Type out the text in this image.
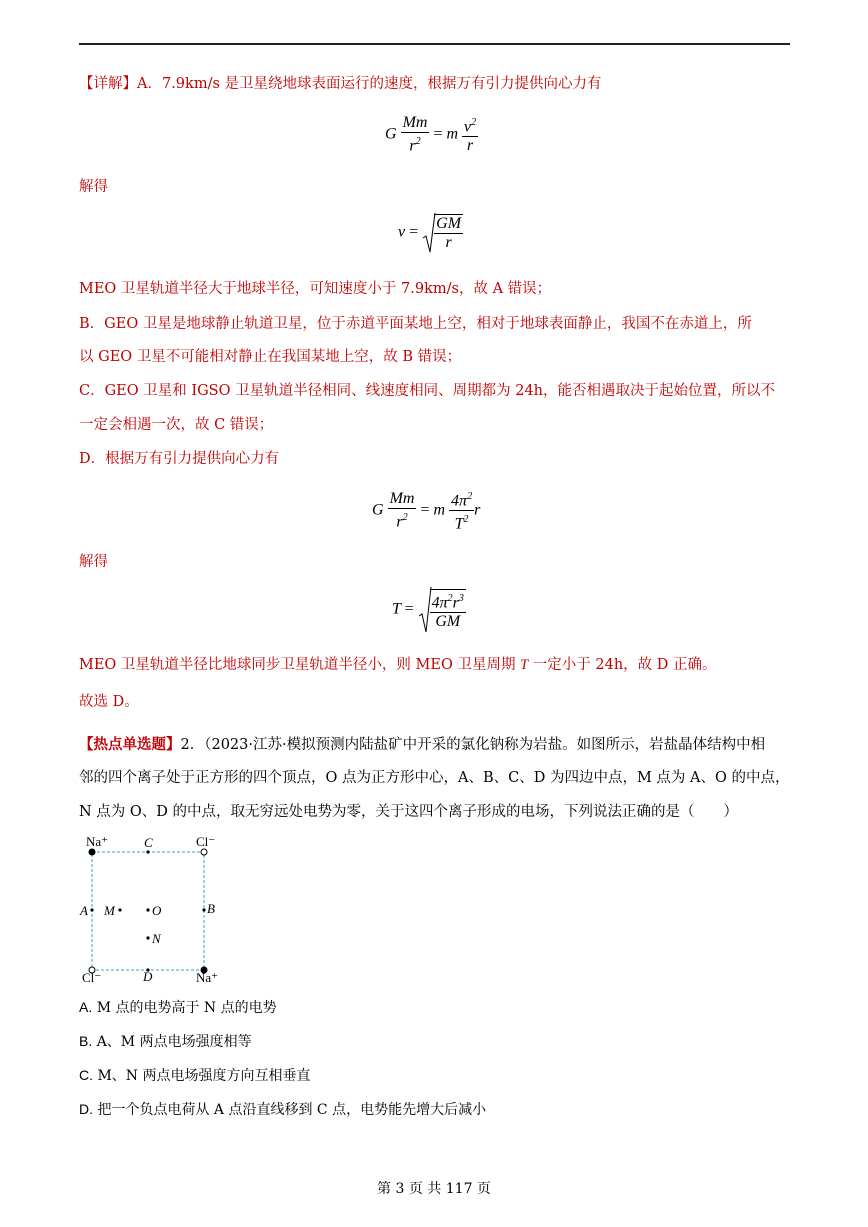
【详解】A．7.9km/s 是卫星绕地球表面运行的速度，根据万有引力提供向心力有
G $\frac{Mm}{r^2} = m \frac{v^2}{r}$
解得
$v = \frac{GM}{r}$
MEO 卫星轨道半径大于地球半径，可知速度小于 7.9km/s，故 A 错误；
B．GEO 卫星是地球静止轨道卫星，位于赤道平面某地上空，相对于地球表面静止，我国不在赤道上，所
以 GEO 卫星不可能相对静止在我国某地上空，故 B 错误；
C．GEO 卫星和 IGSO 卫星轨道半径相同、线速度相同、周期都为 24h，能否相遇取决于起始位置，所以不
一定会相遇一次，故 C 错误；
D．根据万有引力提供向心力有
G $\frac{Mm}{r^2} = m \frac{4\pi^2}{T^2}$ r
解得
$T = \frac{4\pi^2r^3}{GM}$
MEO 卫星轨道半径比地球同步卫星轨道半径小，则 MEO 卫星周期 T 一定小于 24h，故 D 正确。
故选 D。
【热点单选题】2．（2023·江苏·模拟预测内陆盐矿中开采的氯化钠称为岩盐。如图所示，岩盐晶体结构中相
邻的四个离子处于正方形的四个顶点，O 点为正方形中心，A、B、C、D 为四边中点，M 点为 A、O 的中点，
N 点为 O、D 的中点，取无穷远处电势为零，关于这四个离子形成的电场，下列说法正确的是（　　）
Na⁺	Cl⁻
Cl⁻	Na⁺
C
A M	O	B
N
D
A. M 点的电势高于 N 点的电势
B. A、M 两点电场强度相等
C. M、N 两点电场强度方向互相垂直
D. 把一个负点电荷从 A 点沿直线移到 C 点，电势能先增大后减小
第 3 页 共 117 页
